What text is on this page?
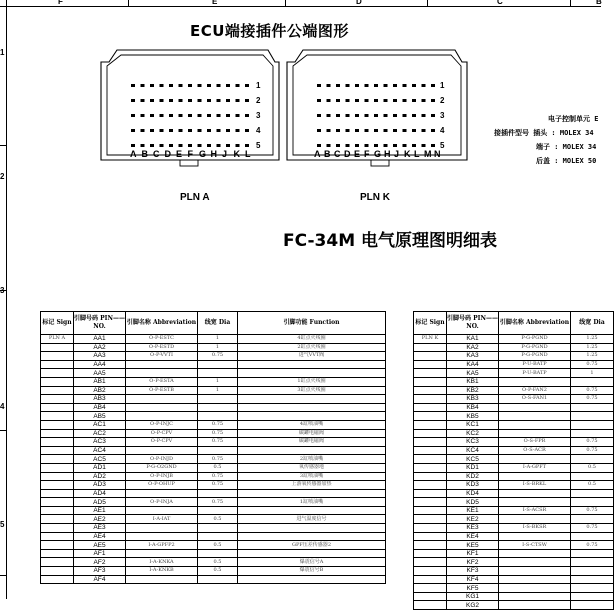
F	E	D	C	B
1
2
3
4
5
ECU端接插件公端图形
PLN A	PLN K
A B C D E F G H J K L	A B C D E F G H J K L M N
1
2
3
4
5
1
2
3
4
5
电子控制单元 E
接插件型号 插头 : MOLEX 34
端子 : MOLEX 34
后盖 : MOLEX 50
FC-34M 电气原理图明细表
标记 Sign	引脚号码 PIN——NO.	引脚名称 Abbreviation	线宽 Dia	引脚功能 Function
PLN A	AA1	O-P-ESTC	1	4缸点火线圈
	AA2	O-P-ESTD	1	2缸点火线圈
	AA3	O-P-VVTI	0.75	进气VVT阀
	AA4			
	AA5			
	AB1	O-P-ESTA	1	1缸点火线圈
	AB2	O-P-ESTB	1	3缸点火线圈
	AB3			
	AB4			
	AB5			
	AC1	O-P-INJC	0.75	4缸喷油嘴
	AC2	O-P-CPV	0.75	碳罐电磁阀
	AC3	O-P-CPV	0.75	碳罐电磁阀
	AC4			
	AC5	O-P-INJD	0.75	2缸喷油嘴
	AD1	P-G-O2GND	0.5	氧传感器地
	AD2	O-P-INJB	0.75	3缸喷油嘴
	AD3	O-P-OHUP	0.75	上游氧传感器加热
	AD4			
	AD5	O-P-INJA	0.75	1缸喷油嘴
	AE1			
	AE2	I-A-IAT	0.5	进气温度信号
	AE3			
	AE4			
	AE5	I-A-GPFP2	0.5	GPF压差传感器2
	AF1			
	AF2	I-A-KNKA	0.5	爆震信号A
	AF3	I-A-KNKB	0.5	爆震信号B
	AF4			
标记 Sign	引脚号码 PIN——NO.	引脚名称 Abbreviation	线宽 Dia
PLN K	KA1	P-G-PGND	1.25
	KA2	P-G-PGND	1.25
	KA3	P-G-PGND	1.25
	KA4	P-U-BATP	0.75
	KA5	P-U-BATP	1
	KB1		
	KB2	O-P-FAN2	0.75
	KB3	O-S-FAN1	0.75
	KB4		
	KB5		
	KC1		
	KC2		
	KC3	O-S-FPR	0.75
	KC4	O-S-ACR	0.75
	KC5		
	KD1	I-A-GPFT	0.5
	KD2		
	KD3	I-S-BRKL	0.5
	KD4		
	KD5		
	KE1	I-S-ACSR	0.75
	KE2		
	KE3	I-S-BKSR	0.75
	KE4		
	KE5	I-S-CTSW	0.75
	KF1		
	KF2		
	KF3		
	KF4		
	KF5		
	KG1		
	KG2		
